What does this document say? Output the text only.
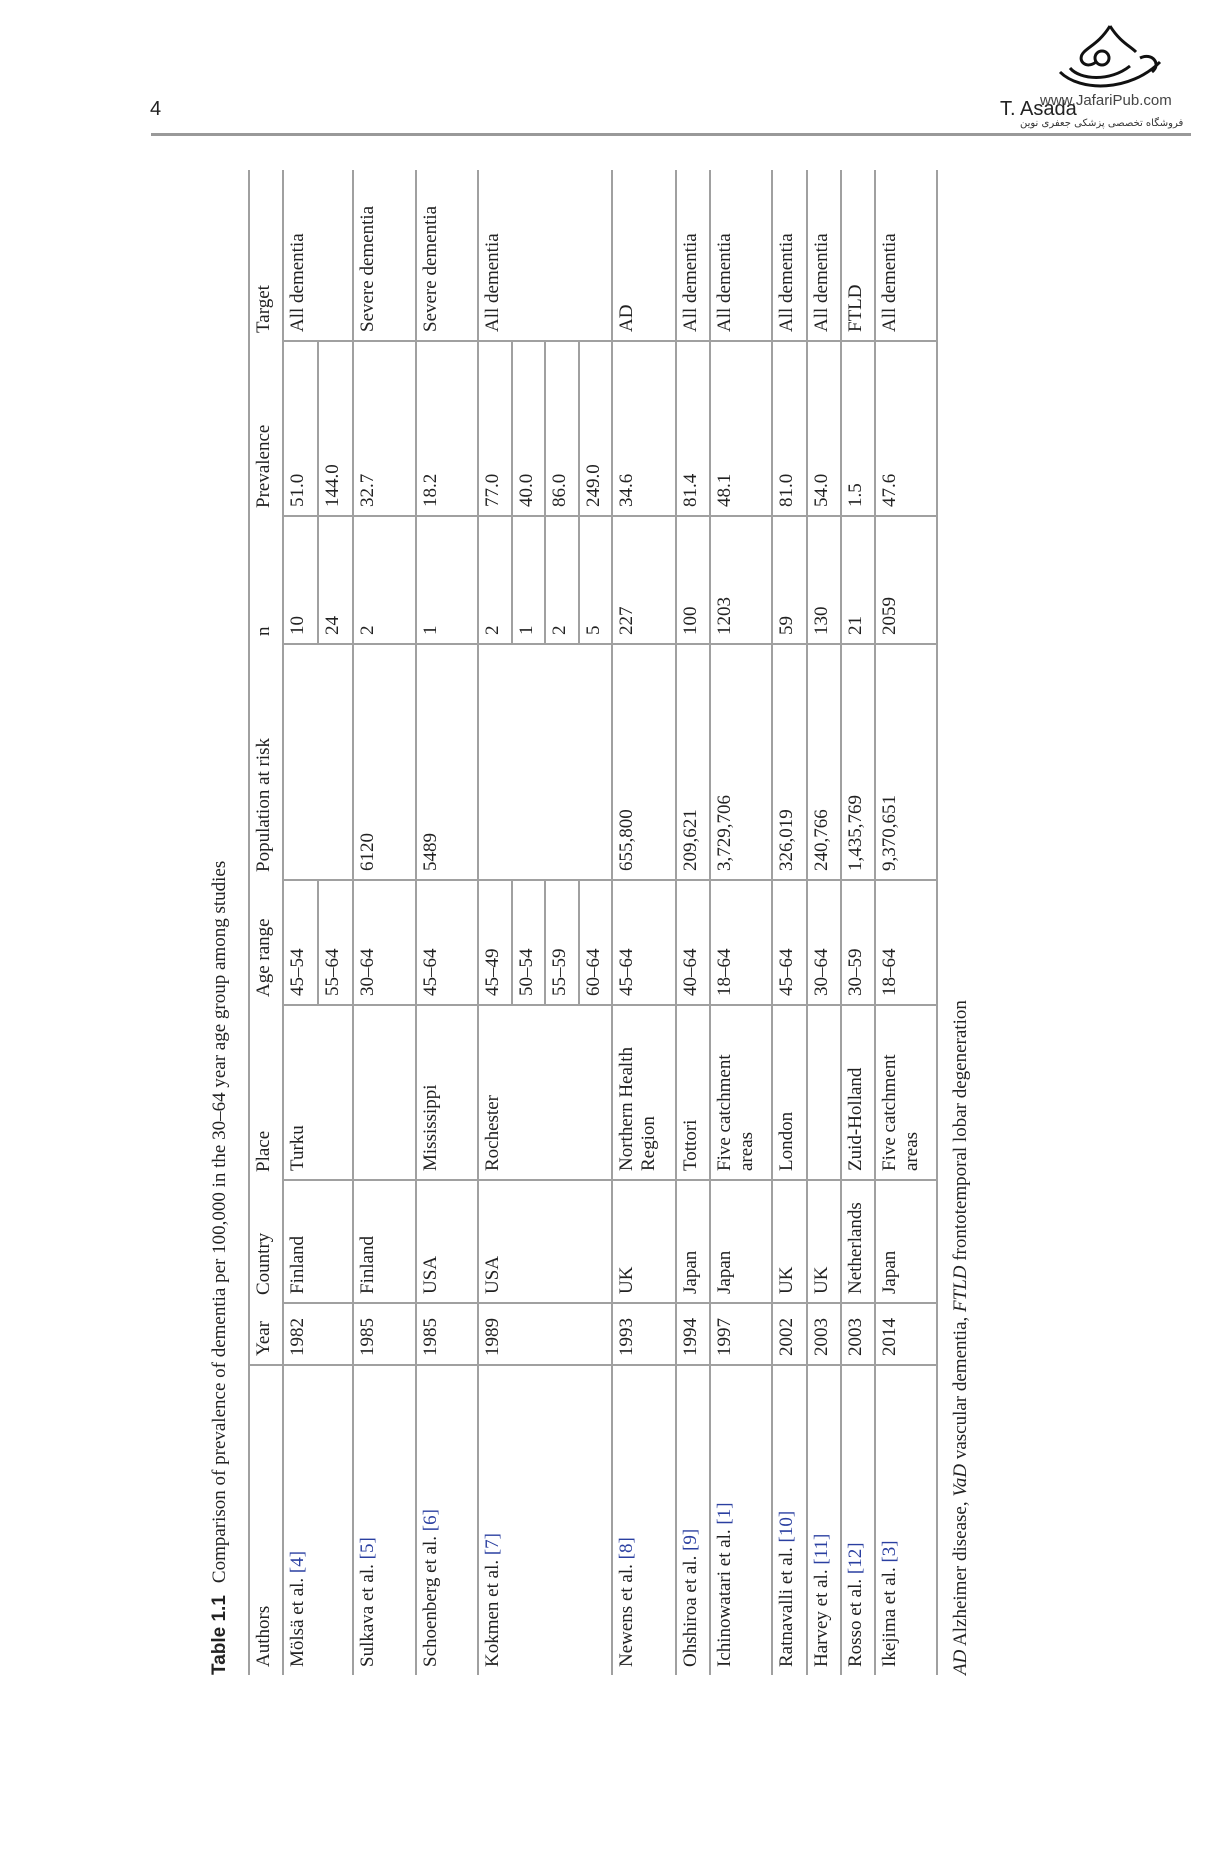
4	T. Asada
www.JafariPub.com
فروشگاه تخصصی پزشکی جعفری نوین
Table 1.1Comparison of prevalence of dementia per 100,000 in the 30–64 year age group among studies
Authors	Year	Country	Place	Age range	Population at risk	n	Prevalence	Target
Mölsä et al. [4]	1982	Finland	Turku	45–54		10	51.0	All dementia
				55–64		24	144.0	
Sulkava et al. [5]	1985	Finland		30–64	6120	2	32.7	Severe dementia
Schoenberg et al. [6]	1985	USA	Mississippi	45–64	5489	1	18.2	Severe dementia
Kokmen et al. [7]	1989	USA	Rochester	45–49		2	77.0	All dementia
				50–54		1	40.0	
				55–59		2	86.0	
				60–64		5	249.0	
Newens et al. [8]	1993	UK	Northern Health Region	45–64	655,800	227	34.6	AD
Ohshiroa et al. [9]	1994	Japan	Tottori	40–64	209,621	100	81.4	All dementia
Ichinowatari et al. [1]	1997	Japan	Five catchment areas	18–64	3,729,706	1203	48.1	All dementia
Ratnavalli et al. [10]	2002	UK	London	45–64	326,019	59	81.0	All dementia
Harvey et al. [11]	2003	UK		30–64	240,766	130	54.0	All dementia
Rosso et al. [12]	2003	Netherlands	Zuid-Holland	30–59	1,435,769	21	1.5	FTLD
Ikejima et al. [3]	2014	Japan	Five catchment areas	18–64	9,370,651	2059	47.6	All dementia
AD Alzheimer disease, VaD vascular dementia, FTLD frontotemporal lobar degeneration
